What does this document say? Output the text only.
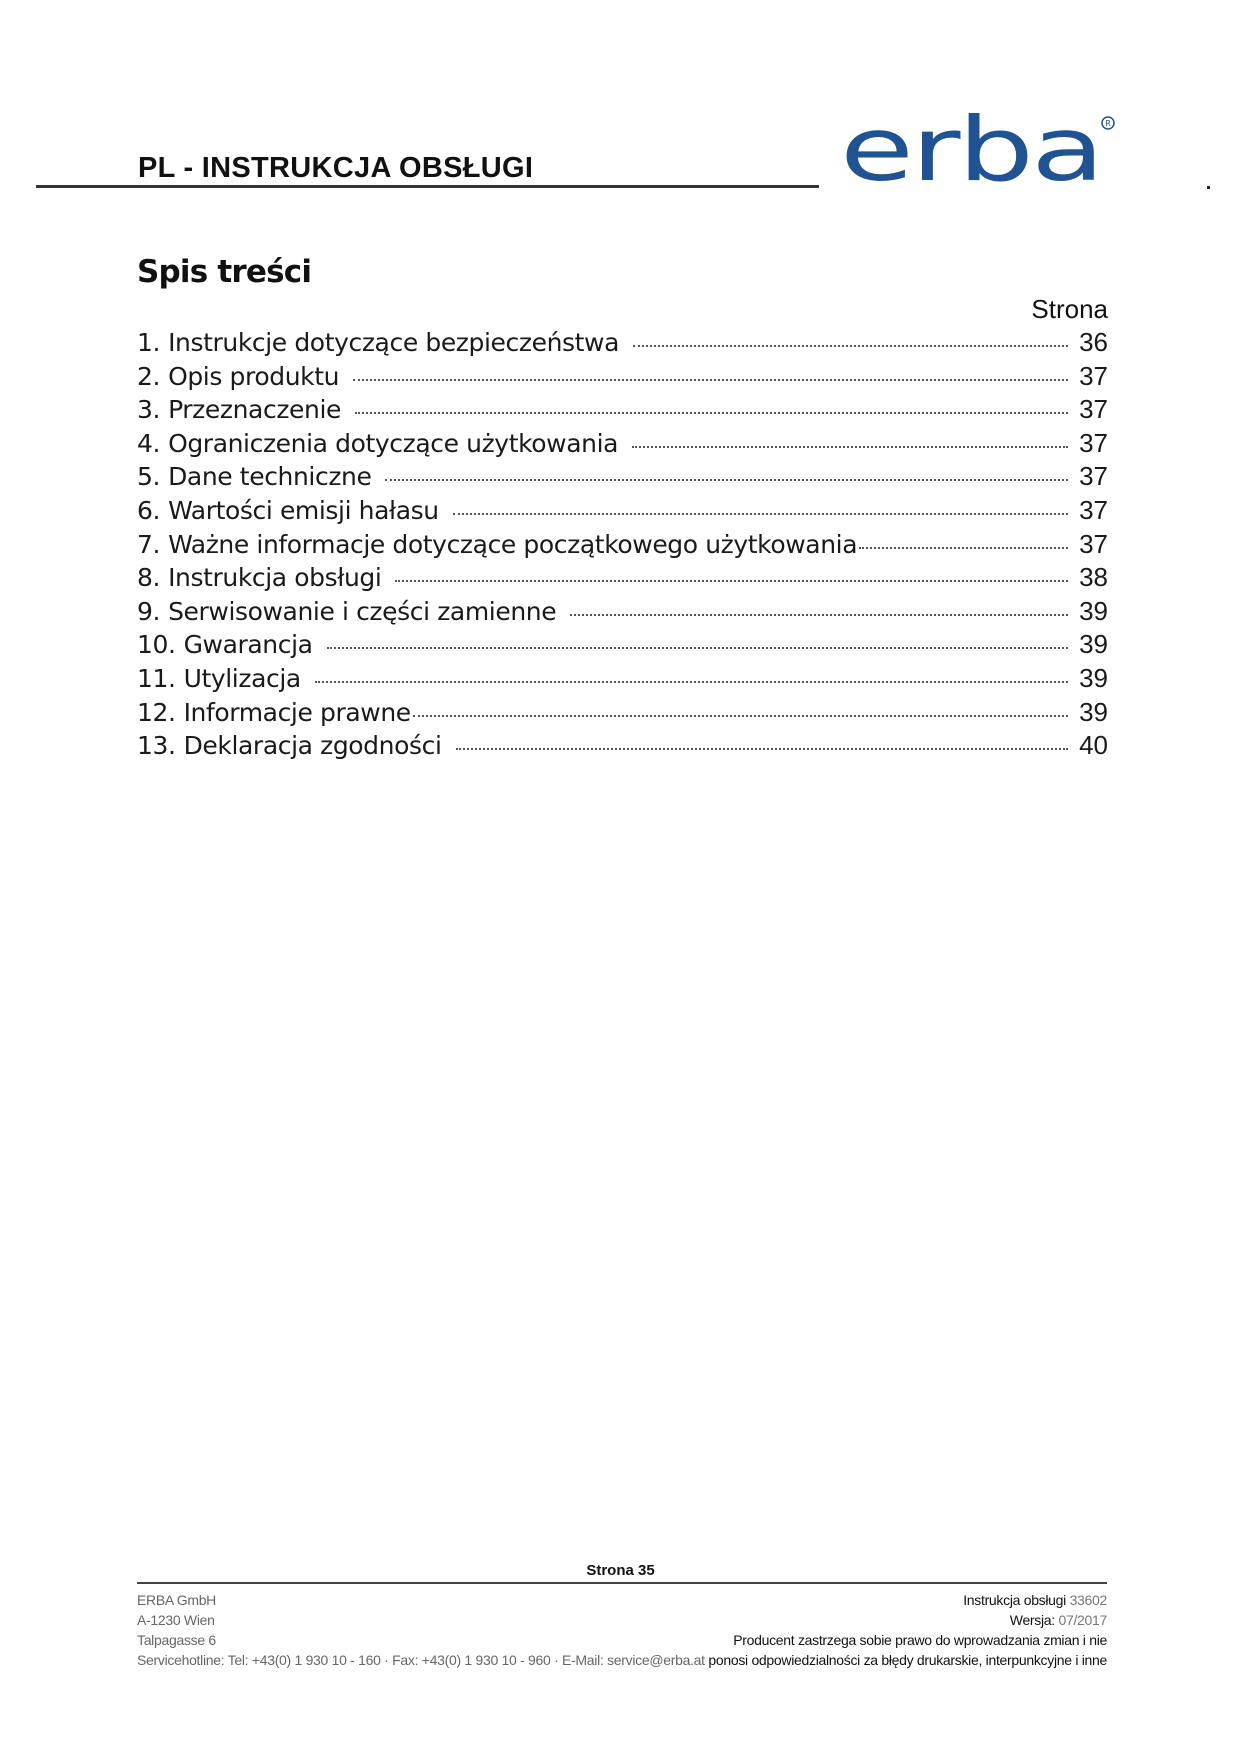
PL - INSTRUKCJA OBSŁUGI	erba R
Spis treści
Strona
1. Instrukcje dotyczące bezpieczeństwa	36
2. Opis produktu	37
3. Przeznaczenie	37
4. Ograniczenia dotyczące użytkowania	37
5. Dane techniczne	37
6. Wartości emisji hałasu	37
7. Ważne informacje dotyczące początkowego użytkowania	37
8. Instrukcja obsługi	38
9. Serwisowanie i części zamienne	39
10. Gwarancja	39
11. Utylizacja	39
12. Informacje prawne	39
13. Deklaracja zgodności	40
Strona 35
ERBA GmbH
A-1230 Wien
Talpagasse 6
Servicehotline: Tel: +43(0) 1 930 10 - 160 · Fax: +43(0) 1 930 10 - 960 · E-Mail: service@erba.at
Instrukcja obsługi 33602
Wersja: 07/2017
Producent zastrzega sobie prawo do wprowadzania zmian i nie
ponosi odpowiedzialności za błędy drukarskie, interpunkcyjne i inne
